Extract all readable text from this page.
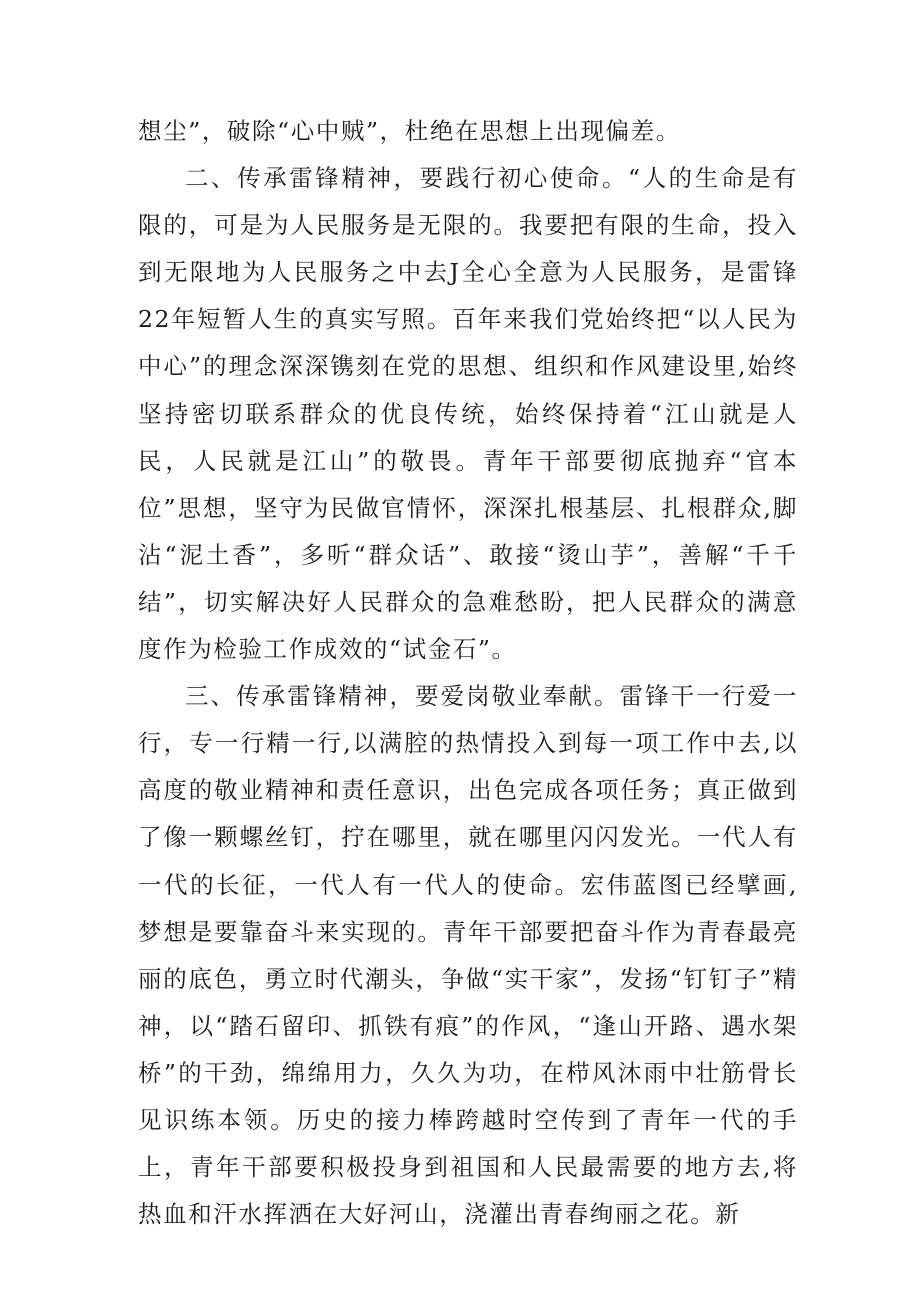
想尘”，破除“心中贼”，杜绝在思想上出现偏差。

二、传承雷锋精神，要践行初心使命。“人的生命是有限的，可是为人民服务是无限的。我要把有限的生命，投入到无限地为人民服务之中去J全心全意为人民服务，是雷锋22年短暂人生的真实写照。百年来我们党始终把“以人民为中心”的理念深深镌刻在党的思想、组织和作风建设里,始终坚持密切联系群众的优良传统，始终保持着“江山就是人民，人民就是江山”的敬畏。青年干部要彻底抛弃“官本位”思想，坚守为民做官情怀，深深扎根基层、扎根群众,脚沾“泥土香”，多听“群众话”、敢接“烫山芋”，善解“千千结”，切实解决好人民群众的急难愁盼，把人民群众的满意度作为检验工作成效的“试金石”。

三、传承雷锋精神，要爱岗敬业奉献。雷锋干一行爱一行，专一行精一行,以满腔的热情投入到每一项工作中去,以高度的敬业精神和责任意识，出色完成各项任务；真正做到了像一颗螺丝钉，拧在哪里，就在哪里闪闪发光。一代人有一代的长征，一代人有一代人的使命。宏伟蓝图已经擘画,梦想是要靠奋斗来实现的。青年干部要把奋斗作为青春最亮丽的底色，勇立时代潮头，争做“实干家”，发扬“钉钉子”精神，以“踏石留印、抓铁有痕”的作风，“逢山开路、遇水架桥”的干劲，绵绵用力，久久为功，在栉风沐雨中壮筋骨长见识练本领。历史的接力棒跨越时空传到了青年一代的手上，青年干部要积极投身到祖国和人民最需要的地方去,将热血和汗水挥洒在大好河山，浇灌出青春绚丽之花。新
